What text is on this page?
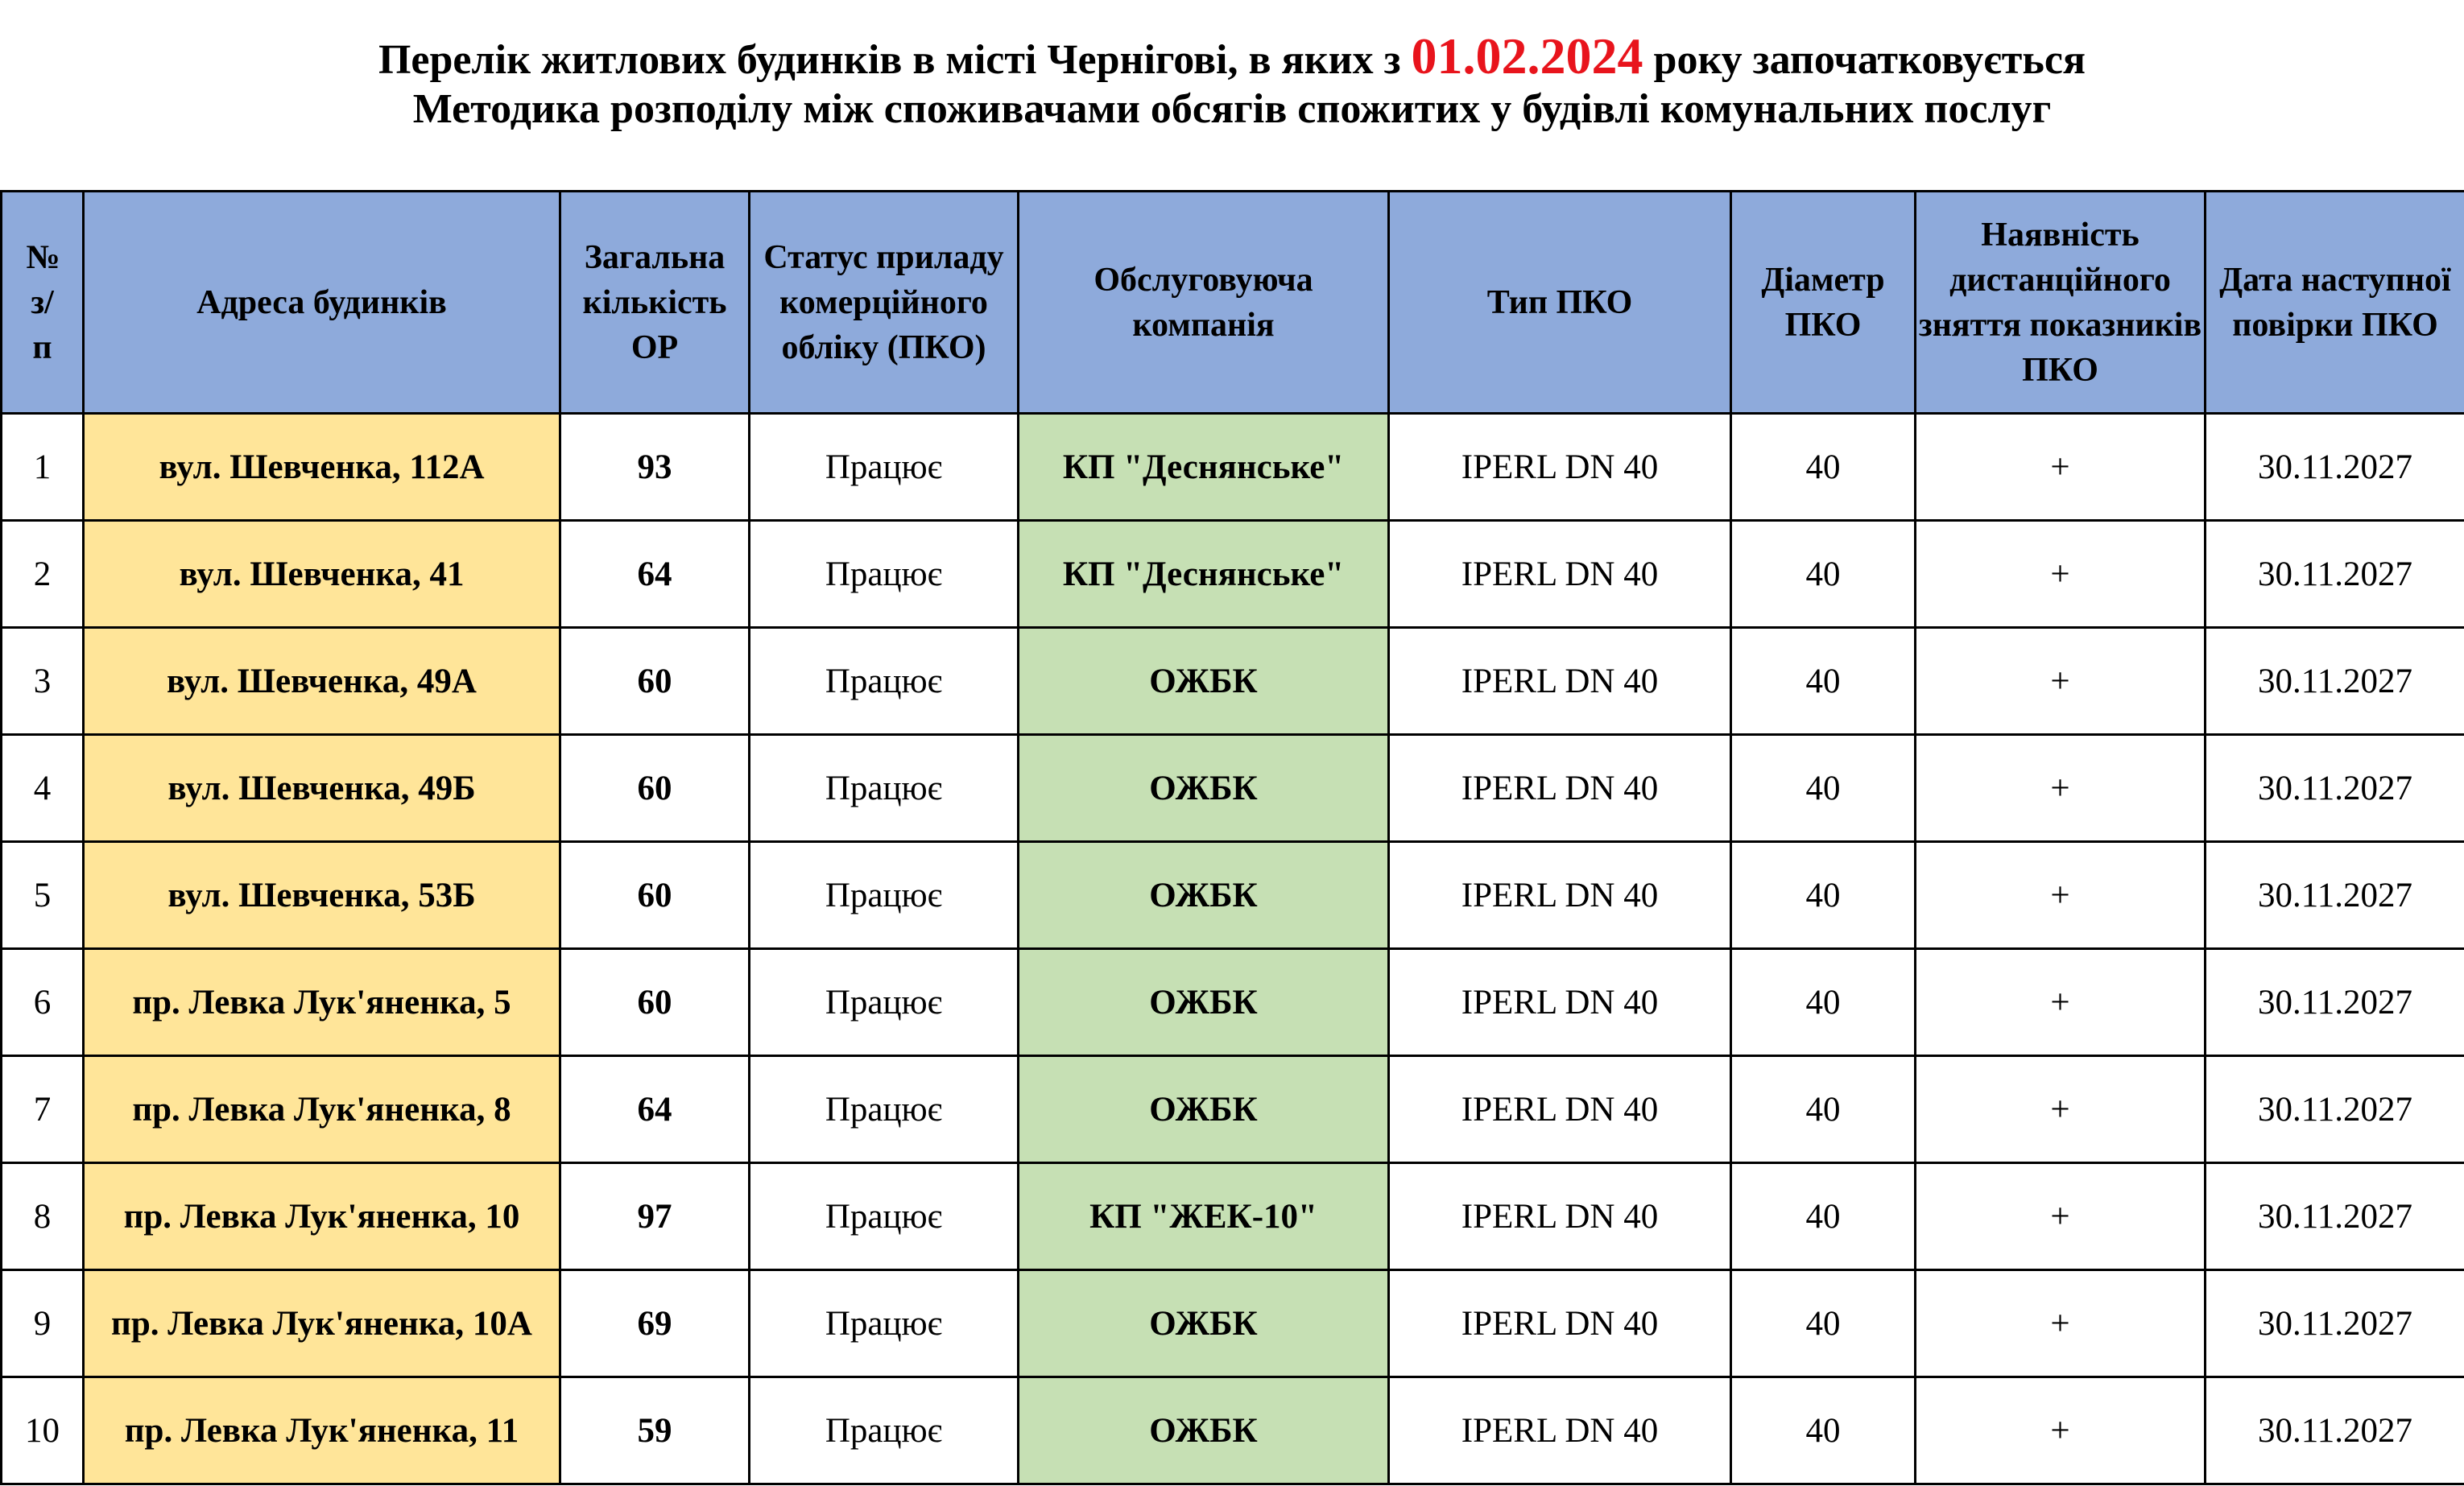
Перелік житлових будинків в місті Чернігові, в яких з 01.02.2024 року започатковується
Методика розподілу між споживачами обсягів спожитих у будівлі комунальних послуг
№ з/п	Адреса будинків	Загальна кількість ОР	Статус приладу комерційного обліку (ПКО)	Обслуговуюча компанія	Тип ПКО	Діаметр ПКО	Наявність дистанційного зняття показників ПКО	Дата наступної повірки ПКО

1	вул. Шевченка, 112А	93	Працює	КП "Деснянське"	IPERL DN 40	40	+	30.11.2027
2	вул. Шевченка, 41	64	Працює	КП "Деснянське"	IPERL DN 40	40	+	30.11.2027
3	вул. Шевченка, 49А	60	Працює	ОЖБК	IPERL DN 40	40	+	30.11.2027
4	вул. Шевченка, 49Б	60	Працює	ОЖБК	IPERL DN 40	40	+	30.11.2027
5	вул. Шевченка, 53Б	60	Працює	ОЖБК	IPERL DN 40	40	+	30.11.2027
6	пр. Левка Лук'яненка, 5	60	Працює	ОЖБК	IPERL DN 40	40	+	30.11.2027
7	пр. Левка Лук'яненка, 8	64	Працює	ОЖБК	IPERL DN 40	40	+	30.11.2027
8	пр. Левка Лук'яненка, 10	97	Працює	КП "ЖЕК-10"	IPERL DN 40	40	+	30.11.2027
9	пр. Левка Лук'яненка, 10А	69	Працює	ОЖБК	IPERL DN 40	40	+	30.11.2027
10	пр. Левка Лук'яненка, 11	59	Працює	ОЖБК	IPERL DN 40	40	+	30.11.2027
